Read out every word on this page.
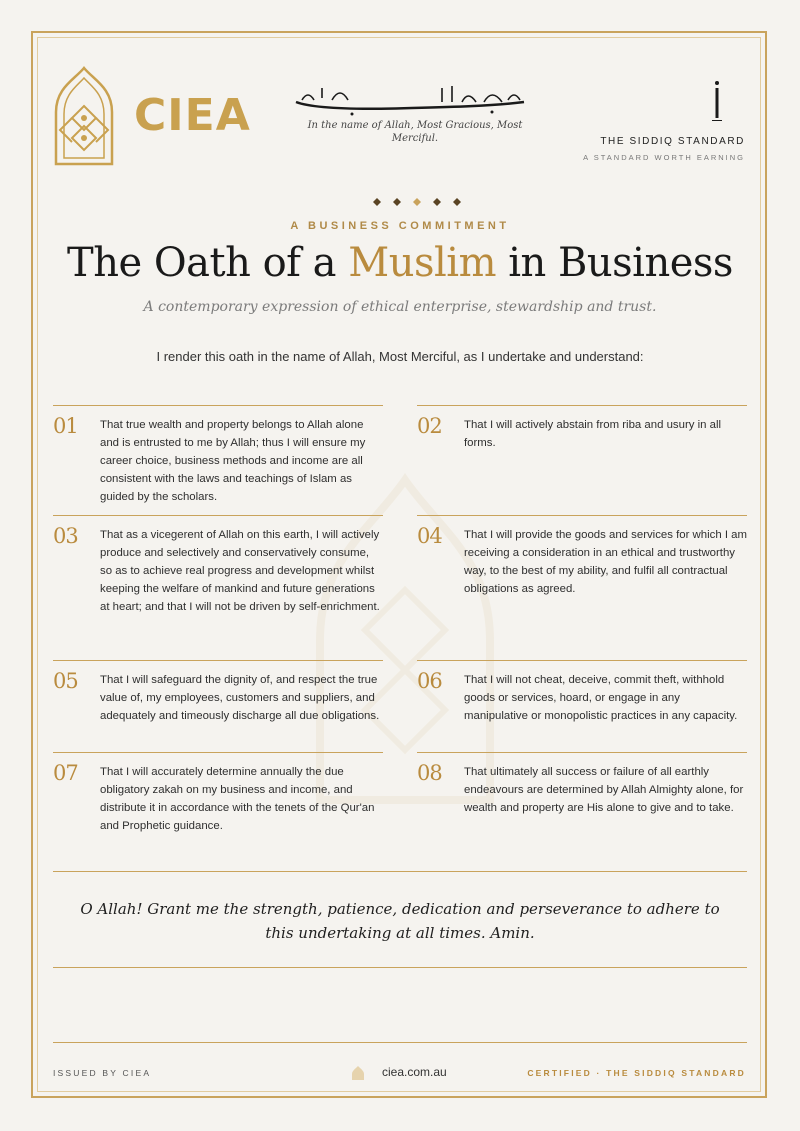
CIEA	In the name of Allah, Most Gracious, Most Merciful.	THE SIDDIQ STANDARD
A STANDARD WORTH EARNING
A BUSINESS COMMITMENT
The Oath of a Muslim in Business
A contemporary expression of ethical enterprise, stewardship and trust.
I render this oath in the name of Allah, Most Merciful, as I undertake and understand:
01 That true wealth and property belongs to Allah alone and is entrusted to me by Allah; thus I will ensure my career choice, business methods and income are all consistent with the laws and teachings of Islam as guided by the scholars.
02 That I will actively abstain from riba and usury in all forms.
03 That as a vicegerent of Allah on this earth, I will actively produce and selectively and conservatively consume, so as to achieve real progress and development whilst keeping the welfare of mankind and future generations at heart; and that I will not be driven by self-enrichment.
04 That I will provide the goods and services for which I am receiving a consideration in an ethical and trustworthy way, to the best of my ability, and fulfil all contractual obligations as agreed.
05 That I will safeguard the dignity of, and respect the true value of, my employees, customers and suppliers, and adequately and timeously discharge all due obligations.
06 That I will not cheat, deceive, commit theft, withhold goods or services, hoard, or engage in any manipulative or monopolistic practices in any capacity.
07 That I will accurately determine annually the due obligatory zakah on my business and income, and distribute it in accordance with the tenets of the Qur'an and Prophetic guidance.
08 That ultimately all success or failure of all earthly endeavours are determined by Allah Almighty alone, for wealth and property are His alone to give and to take.
O Allah! Grant me the strength, patience, dedication and perseverance to adhere to this undertaking at all times. Amin.
ISSUED BY CIEA	ciea.com.au	CERTIFIED · THE SIDDIQ STANDARD
